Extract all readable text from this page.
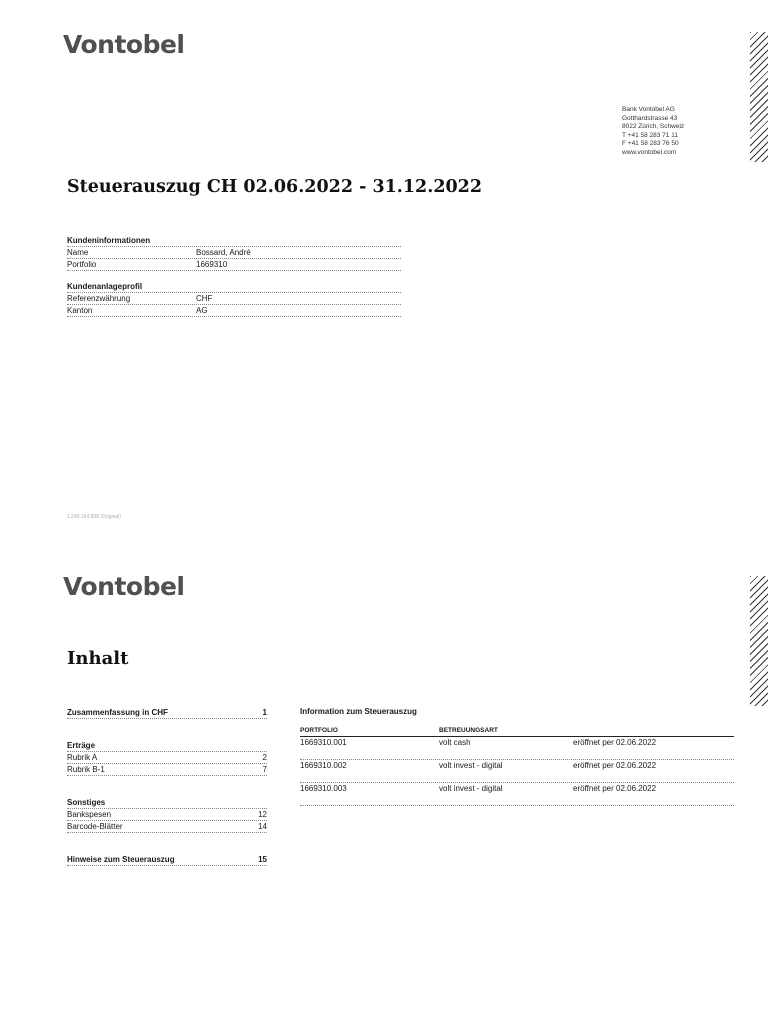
Vontobel
Bank Vontobel AG
Gotthardstrasse 43
8022 Zürich, Schweiz
T +41 58 283 71 11
F +41 58 283 76 50
www.vontobel.com
Steuerauszug CH 02.06.2022 - 31.12.2022
Kundeninformationen
Name	Bossard, André
Portfolio	1669310
Kundenanlageprofil
Referenzwährung	CHF
Kanton	AG
1.243.164.838 (Original)
Vontobel
Inhalt
Zusammenfassung in CHF	1
Erträge
Rubrik A	2
Rubrik B-1	7
Sonstiges
Bankspesen	12
Barcode-Blätter	14
Hinweise zum Steuerauszug	15
Information zum Steuerauszug
PORTFOLIO	BETREUUNGSART
1669310.001	volt cash	eröffnet per 02.06.2022
1669310.002	volt invest - digital	eröffnet per 02.06.2022
1669310.003	volt invest - digital	eröffnet per 02.06.2022
